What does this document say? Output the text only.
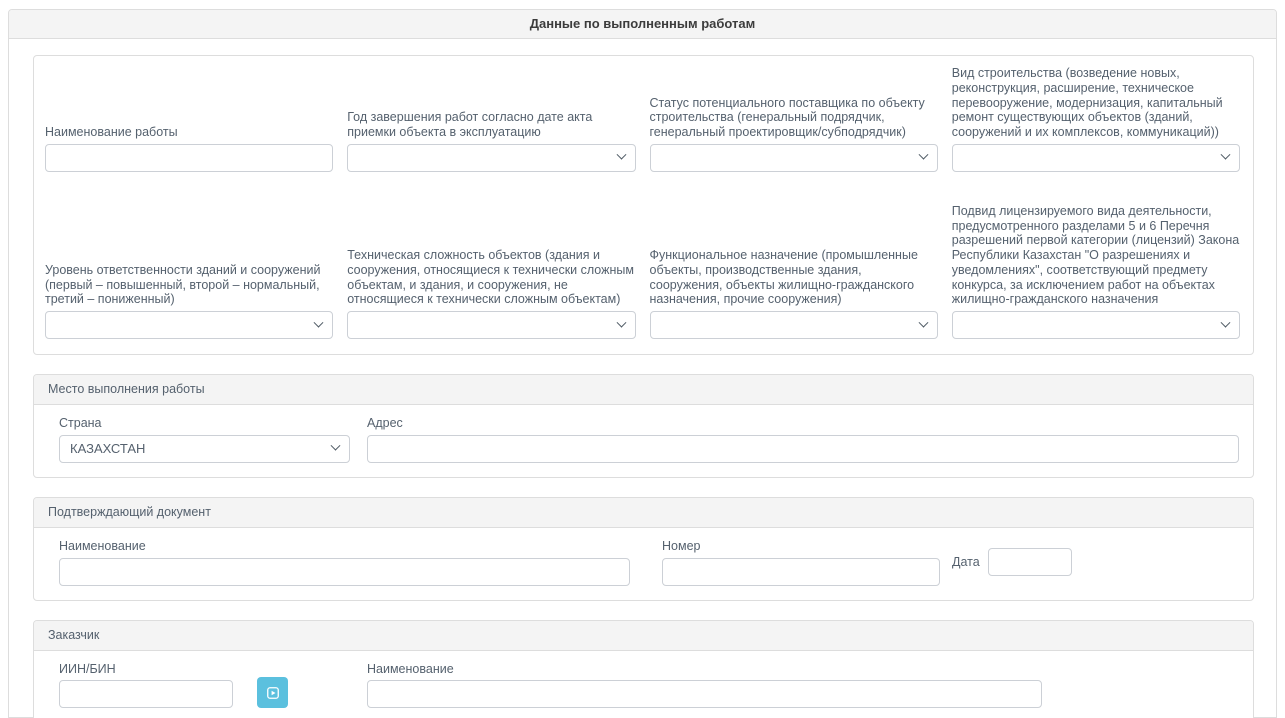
Данные по выполненным работам
Наименование работы
Год завершения работ согласно дате акта приемки объекта в эксплуатацию
Статус потенциального поставщика по объекту строительства (генеральный подрядчик, генеральный проектировщик/субподрядчик)
Вид строительства (возведение новых, реконструкция, расширение, техническое перевооружение, модернизация, капитальный ремонт существующих объектов (зданий, сооружений и их комплексов, коммуникаций))
Уровень ответственности зданий и сооружений (первый – повышенный, второй – нормальный, третий – пониженный)
Техническая сложность объектов (здания и сооружения, относящиеся к технически сложным объектам, и здания, и сооружения, не относящиеся к технически сложным объектам)
Функциональное назначение (промышленные объекты, производственные здания, сооружения, объекты жилищно-гражданского назначения, прочие сооружения)
Подвид лицензируемого вида деятельности, предусмотренного разделами 5 и 6 Перечня разрешений первой категории (лицензий) Закона Республики Казахстан "О разрешениях и уведомлениях", соответствующий предмету конкурса, за исключением работ на объектах жилищно-гражданского назначения
Место выполнения работы
Страна
КАЗАХСТАН
Адрес
Подтверждающий документ
Наименование	Номер
Дата
Заказчик
ИИН/БИН	Наименование
